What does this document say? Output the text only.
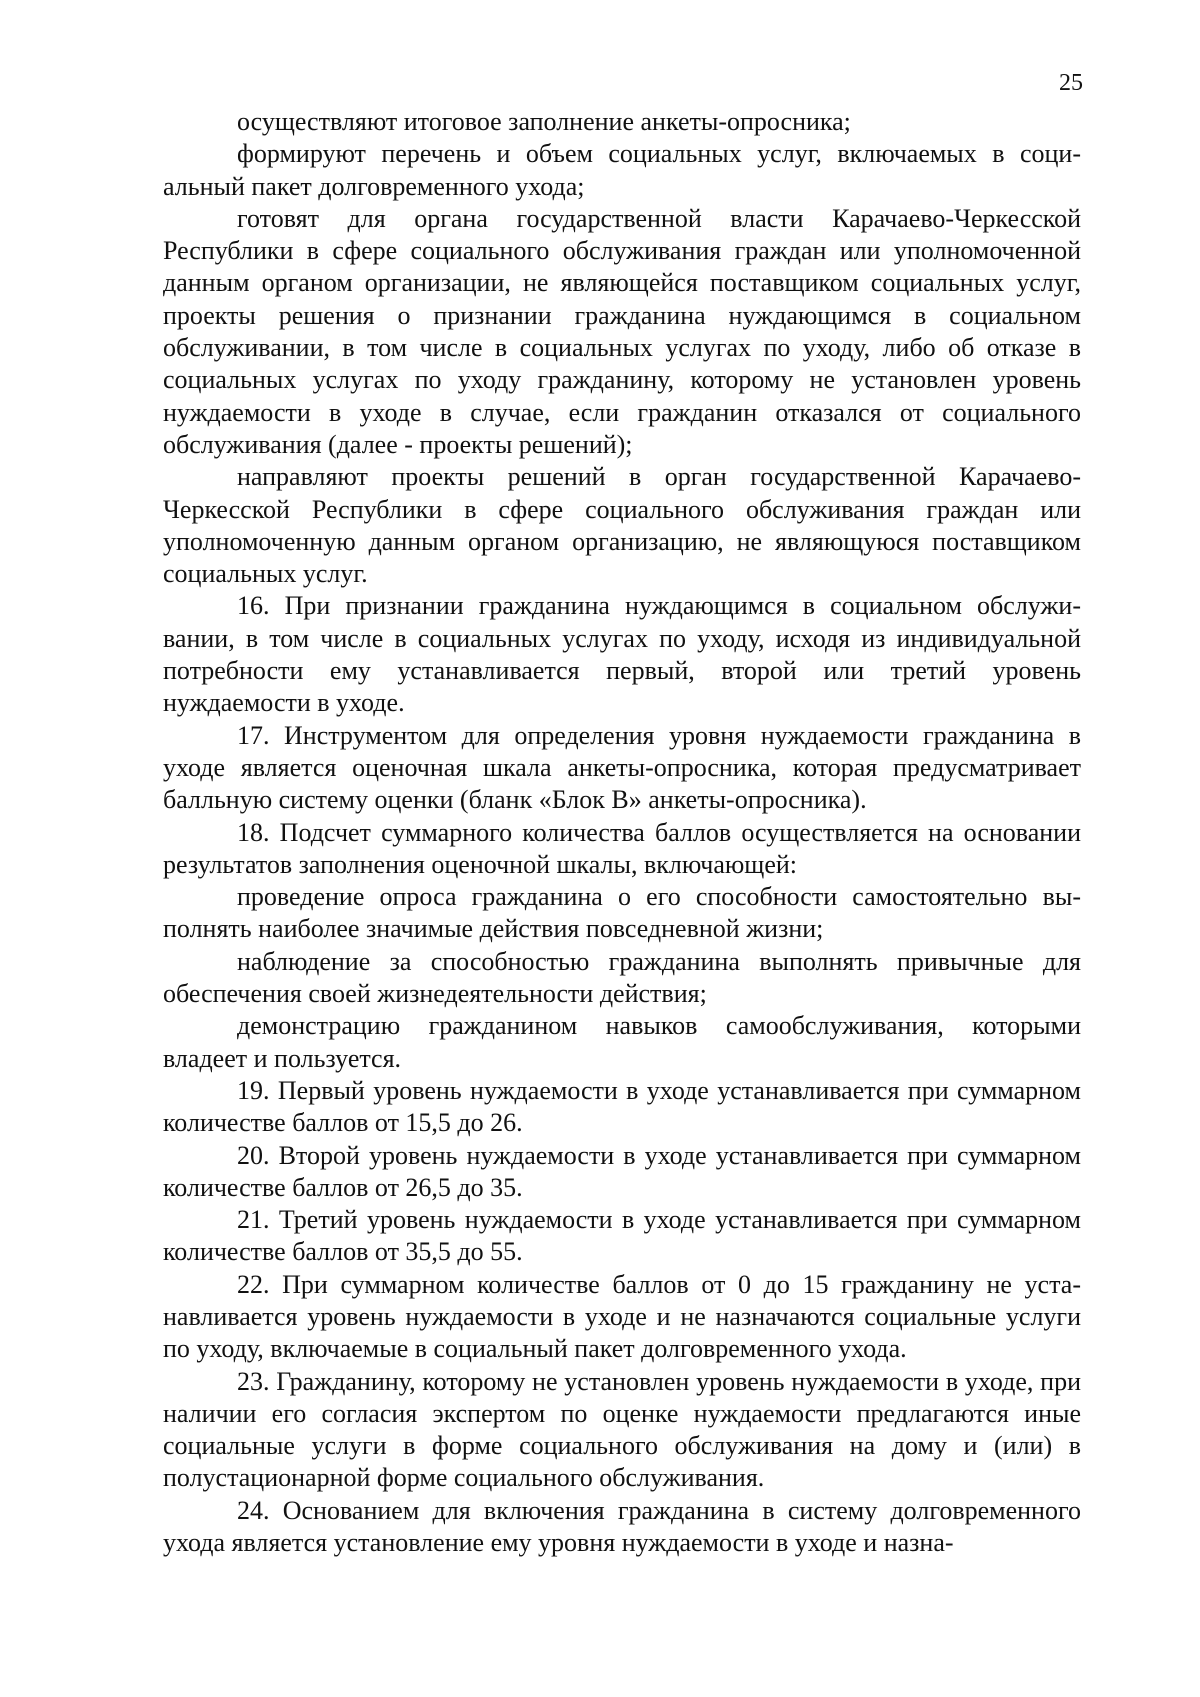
25

осуществляют итоговое заполнение анкеты-опросника;

формируют перечень и объем социальных услуг, включаемых в социальный пакет долговременного ухода;

готовят для органа государственной власти Карачаево-Черкесской Республики в сфере социального обслуживания граждан или уполномоченной данным органом организации, не являющейся поставщиком социальных услуг, проекты решения о признании гражданина нуждающимся в социальном обслуживании, в том числе в социальных услугах по уходу, либо об отказе в социальных услугах по уходу гражданину, которому не установлен уровень нуждаемости в уходе в случае, если гражданин отказался от социального обслуживания (далее - проекты решений);

направляют проекты решений в орган государственной Карачаево-Черкесской Республики в сфере социального обслуживания граждан или уполномоченную данным органом организацию, не являющуюся поставщиком социальных услуг.

16. При признании гражданина нуждающимся в социальном обслуживании, в том числе в социальных услугах по уходу, исходя из индивидуальной потребности ему устанавливается первый, второй или третий уровень нуждаемости в уходе.

17. Инструментом для определения уровня нуждаемости гражданина в уходе является оценочная шкала анкеты-опросника, которая предусматривает балльную систему оценки (бланк «Блок В» анкеты-опросника).

18. Подсчет суммарного количества баллов осуществляется на основании результатов заполнения оценочной шкалы, включающей:

проведение опроса гражданина о его способности самостоятельно выполнять наиболее значимые действия повседневной жизни;

наблюдение за способностью гражданина выполнять привычные для обеспечения своей жизнедеятельности действия;

демонстрацию гражданином навыков самообслуживания, которыми владеет и пользуется.

19. Первый уровень нуждаемости в уходе устанавливается при суммарном количестве баллов от 15,5 до 26.

20. Второй уровень нуждаемости в уходе устанавливается при суммарном количестве баллов от 26,5 до 35.

21. Третий уровень нуждаемости в уходе устанавливается при суммарном количестве баллов от 35,5 до 55.

22. При суммарном количестве баллов от 0 до 15 гражданину не устанавливается уровень нуждаемости в уходе и не назначаются социальные услуги по уходу, включаемые в социальный пакет долговременного ухода.

23. Гражданину, которому не установлен уровень нуждаемости в уходе, при наличии его согласия экспертом по оценке нуждаемости предлагаются иные социальные услуги в форме социального обслуживания на дому и (или) в полустационарной форме социального обслуживания.

24. Основанием для включения гражданина в систему долговременного ухода является установление ему уровня нуждаемости в уходе и назна-
